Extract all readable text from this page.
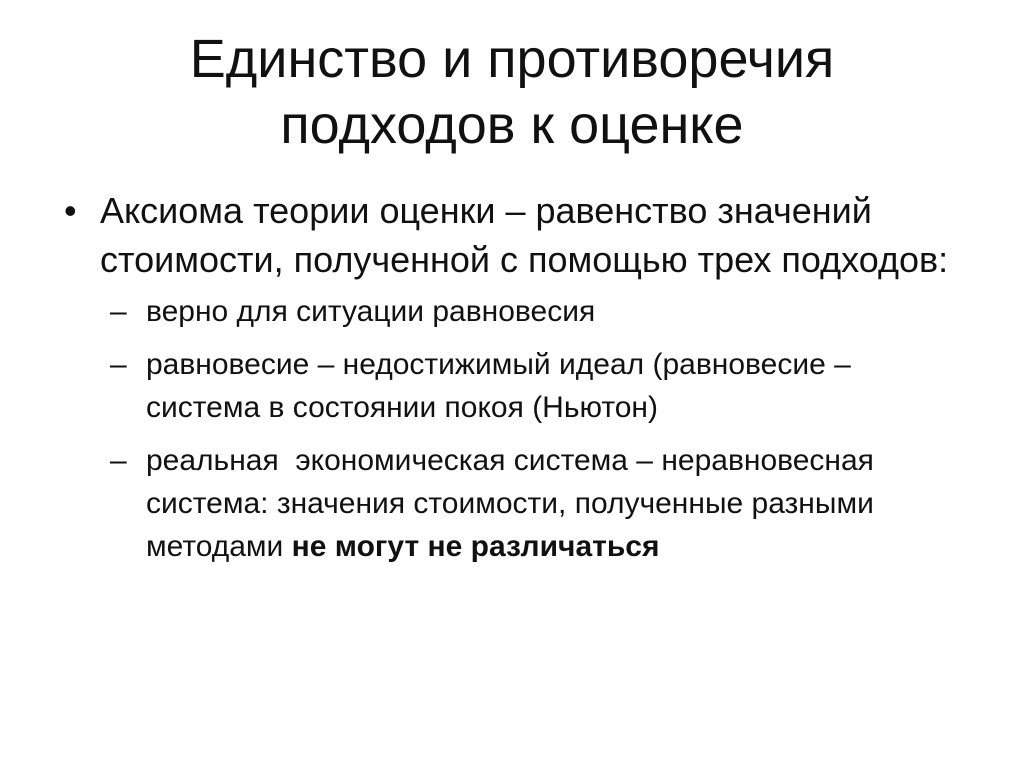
Единство и противоречия
подходов к оценке
• Аксиома теории оценки – равенство значений стоимости, полученной с помощью трех подходов:
– верно для ситуации равновесия
– равновесие – недостижимый идеал (равновесие – система в состоянии покоя (Ньютон)
– реальная  экономическая система – неравновесная система: значения стоимости, полученные разными методами не могут не различаться
